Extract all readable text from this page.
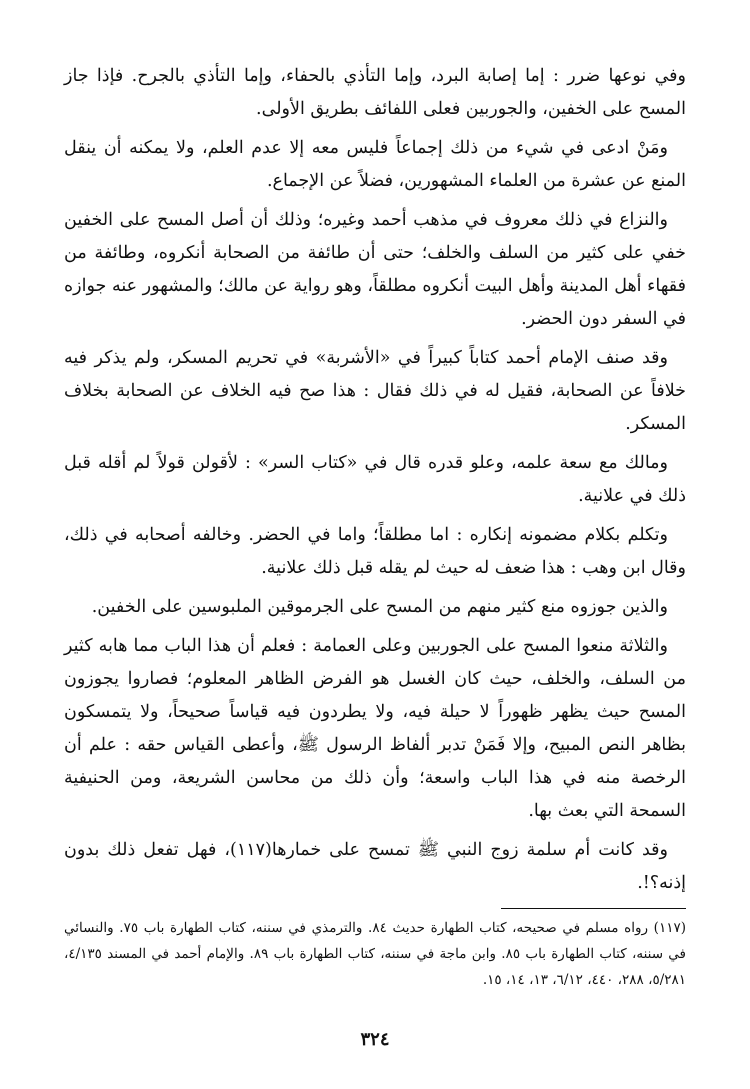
وفي نوعها ضرر : إما إصابة البرد، وإما التأذي بالحفاء، وإما التأذي بالجرح. فإذا جاز المسح على الخفين، والجوربين فعلى اللفائف بطريق الأولى.

ومَنْ ادعى في شيء من ذلك إجماعاً فليس معه إلا عدم العلم، ولا يمكنه أن ينقل المنع عن عشرة من العلماء المشهورين، فضلاً عن الإجماع.

والنزاع في ذلك معروف في مذهب أحمد وغيره؛ وذلك أن أصل المسح على الخفين خفي على كثير من السلف والخلف؛ حتى أن طائفة من الصحابة أنكروه، وطائفة من فقهاء أهل المدينة وأهل البيت أنكروه مطلقاً، وهو رواية عن مالك؛ والمشهور عنه جوازه في السفر دون الحضر.

وقد صنف الإمام أحمد كتاباً كبيراً في «الأشربة» في تحريم المسكر، ولم يذكر فيه خلافاً عن الصحابة، فقيل له في ذلك فقال : هذا صح فيه الخلاف عن الصحابة بخلاف المسكر.

ومالك مع سعة علمه، وعلو قدره قال في «كتاب السر» : لأقولن قولاً لم أقله قبل ذلك في علانية.

وتكلم بكلام مضمونه إنكاره : اما مطلقاً؛ واما في الحضر. وخالفه أصحابه في ذلك، وقال ابن وهب : هذا ضعف له حيث لم يقله قبل ذلك علانية.

والذين جوزوه منع كثير منهم من المسح على الجرموقين الملبوسين على الخفين.

والثلاثة منعوا المسح على الجوربين وعلى العمامة : فعلم أن هذا الباب مما هابه كثير من السلف، والخلف، حيث كان الغسل هو الفرض الظاهر المعلوم؛ فصاروا يجوزون المسح حيث يظهر ظهوراً لا حيلة فيه، ولا يطردون فيه قياساً صحيحاً، ولا يتمسكون بظاهر النص المبيح، وإلا فَمَنْ تدبر ألفاظ الرسول ﷺ، وأعطى القياس حقه : علم أن الرخصة منه في هذا الباب واسعة؛ وأن ذلك من محاسن الشريعة، ومن الحنيفية السمحة التي بعث بها.

وقد كانت أم سلمة زوج النبي ﷺ تمسح على خمارها(١١٧)، فهل تفعل ذلك بدون إذنه؟!.

(١١٧) رواه مسلم في صحيحه، كتاب الطهارة حديث ٨٤. والترمذي في سننه، كتاب الطهارة باب ٧٥. والنسائي في سننه، كتاب الطهارة باب ٨٥. وابن ماجة في سننه، كتاب الطهارة باب ٨٩. والإمام أحمد في المسند ٤/١٣٥، ٥/٢٨١، ٢٨٨، ٤٤٠، ٦/١٢، ١٣، ١٤، ١٥.
٣٢٤
